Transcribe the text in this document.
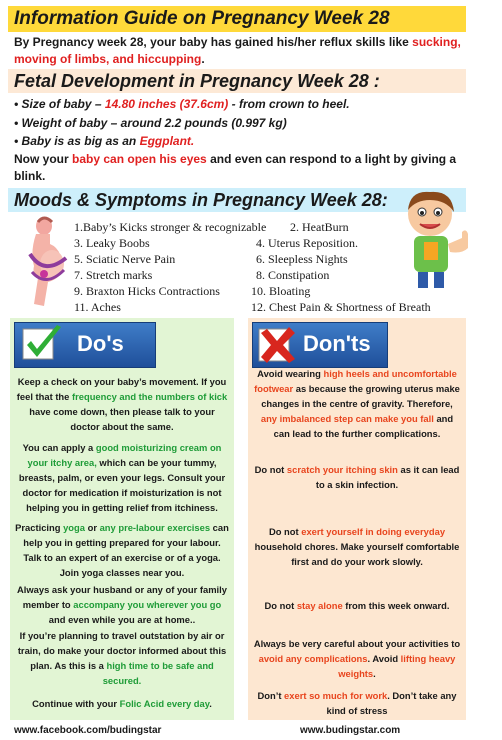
Information Guide on Pregnancy Week 28
By Pregnancy week 28, your baby has gained his/her reflux skills like sucking, moving of limbs, and hiccupping.
Fetal Development in Pregnancy Week 28 :
• Size of baby – 14.80 inches (37.6cm) - from crown to heel.
• Weight of baby – around 2.2 pounds (0.997 kg)
• Baby is as big as an Eggplant.
Now your baby can open his eyes and even can respond to a light by giving a blink.
Moods & Symptoms in Pregnancy Week 28:
1.Baby’s Kicks stronger & recognizable 2. HeatBurn
3. Leaky Boobs	4. Uterus Reposition.
5. Sciatic Nerve Pain	6. Sleepless Nights
7. Stretch marks	8. Constipation
9. Braxton Hicks Contractions	10. Bloating
11. Aches	12. Chest Pain & Shortness of Breath
Do's
Keep a check on your baby’s movement. If you feel that the frequency and the numbers of kick have come down, then please talk to your doctor about the same.
You can apply a good moisturizing cream on your itchy area, which can be your tummy, breasts, palm, or even your legs. Consult your doctor for medication if moisturization is not helping you in getting relief from itchiness.
Practicing yoga or any pre-labour exercises can help you in getting prepared for your labour. Talk to an expert of an exercise or of a yoga. Join yoga classes near you.
Always ask your husband or any of your family member to accompany you wherever you go and even while you are at home..
If you’re planning to travel outstation by air or train, do make your doctor informed about this plan. As this is a high time to be safe and secured.
Continue with your Folic Acid every day.
Don'ts
Avoid wearing high heels and uncomfortable footwear as because the growing uterus make changes in the centre of gravity. Therefore, any imbalanced step can make you fall and can lead to the further complications.
Do not scratch your itching skin as it can lead to a skin infection.
Do not exert yourself in doing everyday household chores. Make yourself comfortable first and do your work slowly.
Do not stay alone from this week onward.
Always be very careful about your activities to avoid any complications. Avoid lifting heavy weights.
Don’t exert so much for work. Don’t take any kind of stress
www.facebook.com/budingstar	www.budingstar.com
